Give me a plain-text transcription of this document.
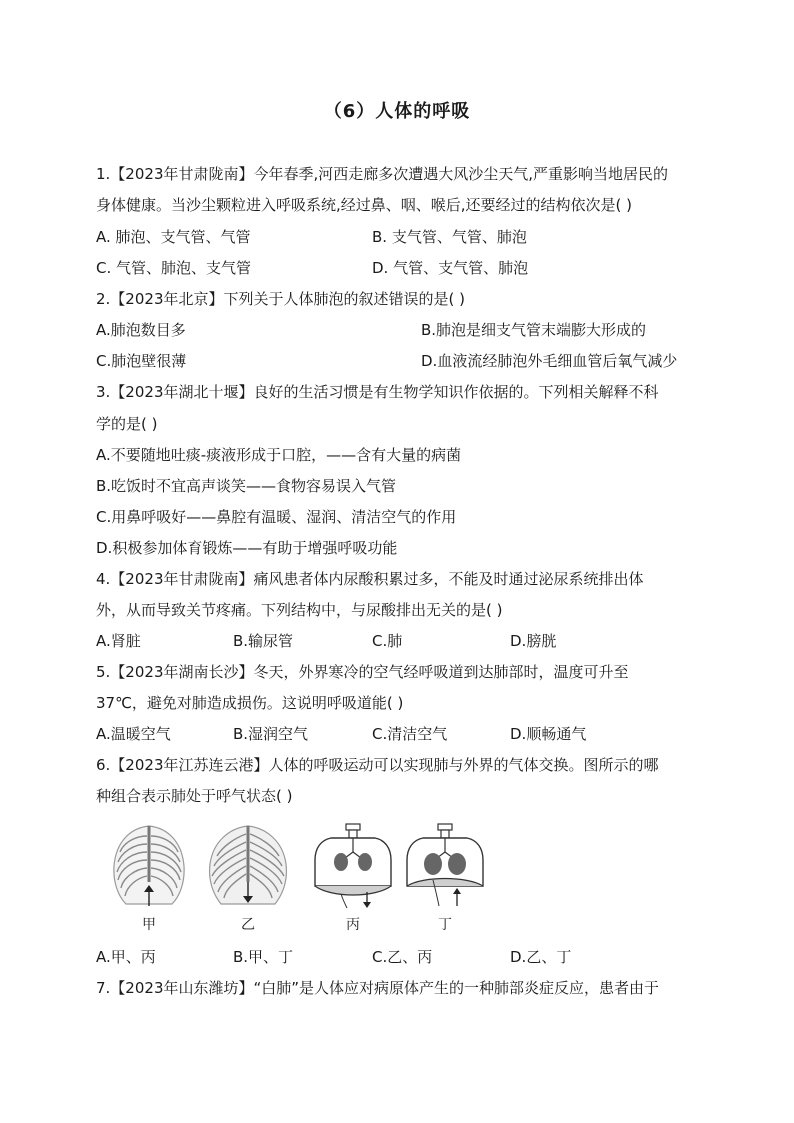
（6）人体的呼吸
1.【2023年甘肃陇南】今年春季,河西走廊多次遭遇大风沙尘天气,严重影响当地居民的
身体健康。当沙尘颗粒进入呼吸系统,经过鼻、咽、喉后,还要经过的结构依次是( )
A. 肺泡、支气管、气管	B. 支气管、气管、肺泡
C. 气管、肺泡、支气管	D. 气管、支气管、肺泡
2.【2023年北京】下列关于人体肺泡的叙述错误的是( )
A.肺泡数目多	B.肺泡是细支气管末端膨大形成的
C.肺泡壁很薄	D.血液流经肺泡外毛细血管后氧气减少
3.【2023年湖北十堰】良好的生活习惯是有生物学知识作依据的。下列相关解释不科
学的是( )
A.不要随地吐痰-痰液形成于口腔，——含有大量的病菌
B.吃饭时不宜高声谈笑——食物容易误入气管
C.用鼻呼吸好——鼻腔有温暖、湿润、清洁空气的作用
D.积极参加体育锻炼——有助于增强呼吸功能
4.【2023年甘肃陇南】痛风患者体内尿酸积累过多，不能及时通过泌尿系统排出体
外，从而导致关节疼痛。下列结构中，与尿酸排出无关的是( )
A.肾脏	B.输尿管	C.肺	D.膀胱
5.【2023年湖南长沙】冬天，外界寒冷的空气经呼吸道到达肺部时，温度可升至
37℃，避免对肺造成损伤。这说明呼吸道能( )
A.温暖空气	B.湿润空气	C.清洁空气	D.顺畅通气
6.【2023年江苏连云港】人体的呼吸运动可以实现肺与外界的气体交换。图所示的哪
种组合表示肺处于呼气状态( )
甲	乙	丙	丁
A.甲、丙	B.甲、丁	C.乙、丙	D.乙、丁
7.【2023年山东潍坊】“白肺”是人体应对病原体产生的一种肺部炎症反应，患者由于
